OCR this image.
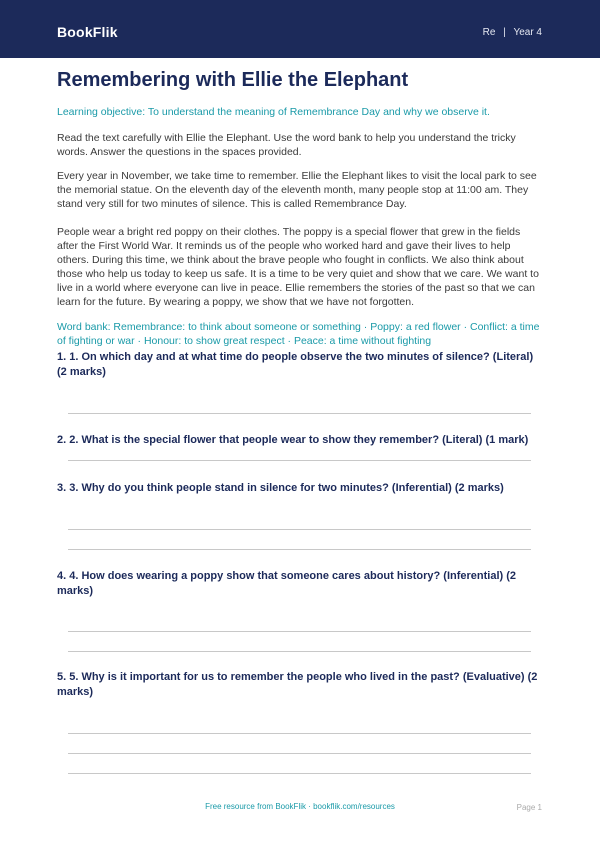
BookFlik	Re | Year 4
Remembering with Ellie the Elephant

Learning objective: To understand the meaning of Remembrance Day and why we observe it.

Read the text carefully with Ellie the Elephant. Use the word bank to help you understand the tricky words. Answer the questions in the spaces provided.

Every year in November, we take time to remember. Ellie the Elephant likes to visit the local park to see the memorial statue. On the eleventh day of the eleventh month, many people stop at 11:00 am. They stand very still for two minutes of silence. This is called Remembrance Day.

People wear a bright red poppy on their clothes. The poppy is a special flower that grew in the fields after the First World War. It reminds us of the people who worked hard and gave their lives to help others. During this time, we think about the brave people who fought in conflicts. We also think about those who help us today to keep us safe. It is a time to be very quiet and show that we care. We want to live in a world where everyone can live in peace. Ellie remembers the stories of the past so that we can learn for the future. By wearing a poppy, we show that we have not forgotten.

Word bank: Remembrance: to think about someone or something · Poppy: a red flower · Conflict: a time of fighting or war · Honour: to show great respect · Peace: a time without fighting

1. 1. On which day and at what time do people observe the two minutes of silence? (Literal) (2 marks)
2. 2. What is the special flower that people wear to show they remember? (Literal) (1 mark)
3. 3. Why do you think people stand in silence for two minutes? (Inferential) (2 marks)
4. 4. How does wearing a poppy show that someone cares about history? (Inferential) (2 marks)
5. 5. Why is it important for us to remember the people who lived in the past? (Evaluative) (2 marks)
Free resource from BookFlik · bookflik.com/resources	Page 1
